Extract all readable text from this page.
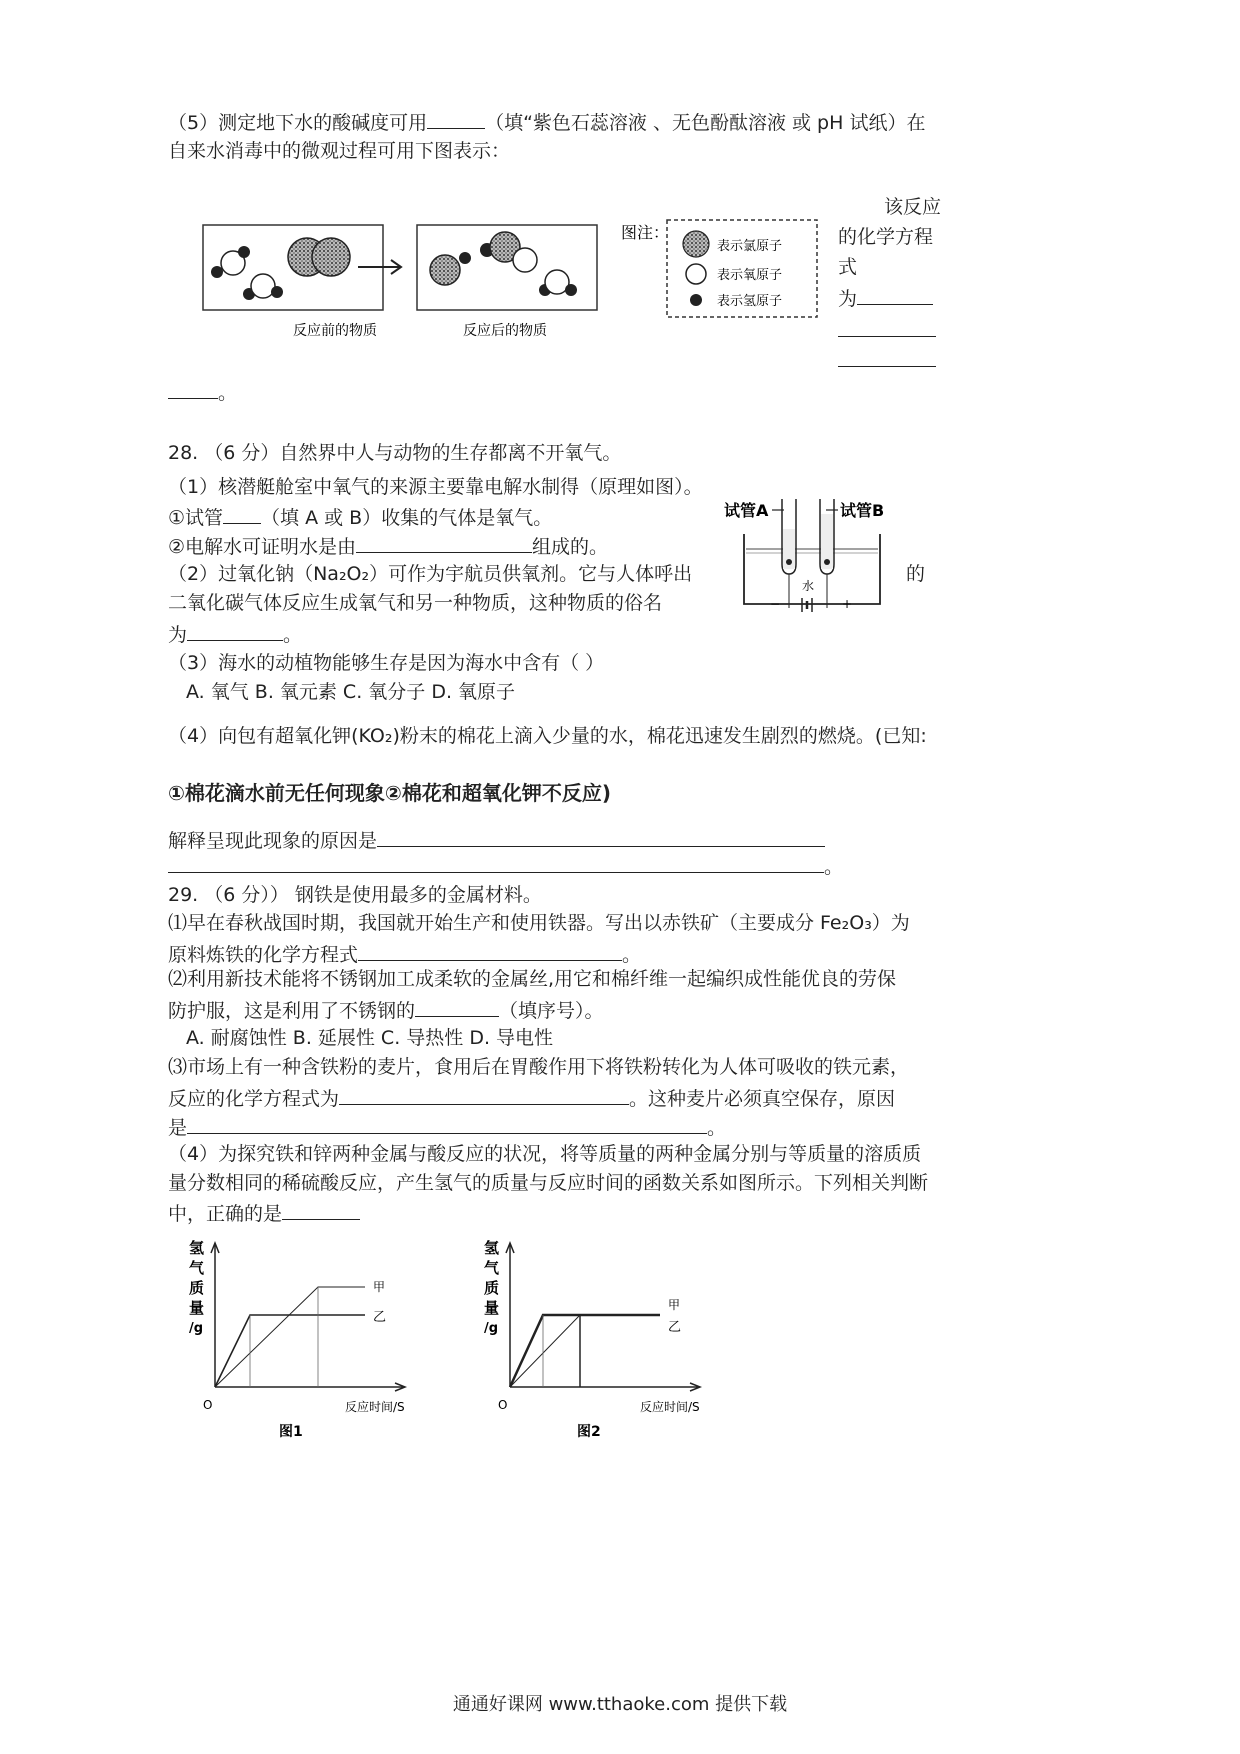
（5）测定地下水的酸碱度可用	（填“紫色石蕊溶液 、无色酚酞溶液 或 pH 试纸）在
自来水消毒中的微观过程可用下图表示：
反应前的物质	反应后的物质
图注：
表示氯原子
表示氧原子
表示氢原子
该反应
的化学方程
式
为
。
28. （6 分）自然界中人与动物的生存都离不开氧气。
（1）核潜艇舱室中氧气的来源主要靠电解水制得（原理如图）。
①试管 （填 A 或 B）收集的气体是氧气。
②电解水可证明水是由	组成的。
（2）过氧化钠（Na₂O₂）可作为宇航员供氧剂。它与人体呼出	的
二氧化碳气体反应生成氧气和另一种物质，这种物质的俗名
为	。
试管A	试管B
水
−	+
（3）海水的动植物能够生存是因为海水中含有（ ）
A. 氧气 B. 氧元素 C. 氧分子 D. 氧原子
（4）向包有超氧化钾(KO₂)粉末的棉花上滴入少量的水，棉花迅速发生剧烈的燃烧。(已知:
①棉花滴水前无任何现象②棉花和超氧化钾不反应)
解释呈现此现象的原因是
。
29. （6 分）） 钢铁是使用最多的金属材料。
⑴早在春秋战国时期，我国就开始生产和使用铁器。写出以赤铁矿（主要成分 Fe₂O₃）为
原料炼铁的化学方程式	。
⑵利用新技术能将不锈钢加工成柔软的金属丝,用它和棉纤维一起编织成性能优良的劳保
防护服，这是利用了不锈钢的	（填序号）。
A. 耐腐蚀性 B. 延展性 C. 导热性 D. 导电性
⑶市场上有一种含铁粉的麦片，食用后在胃酸作用下将铁粉转化为人体可吸收的铁元素，
反应的化学方程式为	。这种麦片必须真空保存，原因
是	。
（4）为探究铁和锌两种金属与酸反应的状况，将等质量的两种金属分别与等质量的溶质质
量分数相同的稀硫酸反应，产生氢气的质量与反应时间的函数关系如图所示。下列相关判断
中，正确的是
氢
气
质
量
/g
甲
乙
O	反应时间/S
图1
氢
气
质
量
/g
甲
乙
O	反应时间/S
图2
通通好课网 www.tthaoke.com 提供下载
